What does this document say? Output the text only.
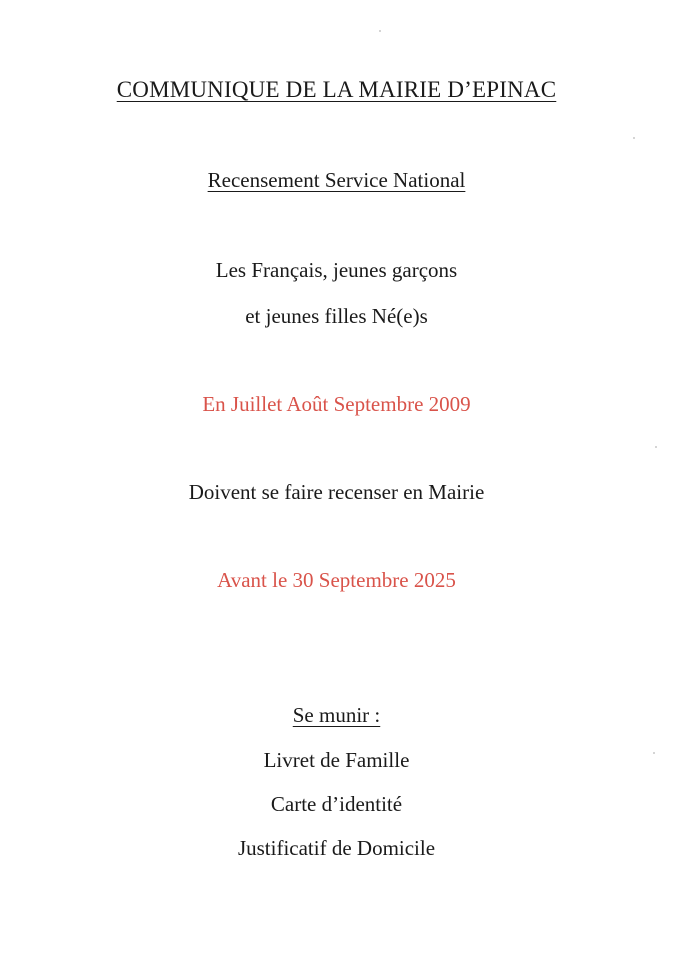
COMMUNIQUE DE LA MAIRIE D’EPINAC
Recensement Service National
Les Français, jeunes garçons
et jeunes filles Né(e)s
En Juillet Août Septembre 2009
Doivent se faire recenser en Mairie
Avant le 30 Septembre 2025
Se munir :
Livret de Famille
Carte d’identité
Justificatif de Domicile
